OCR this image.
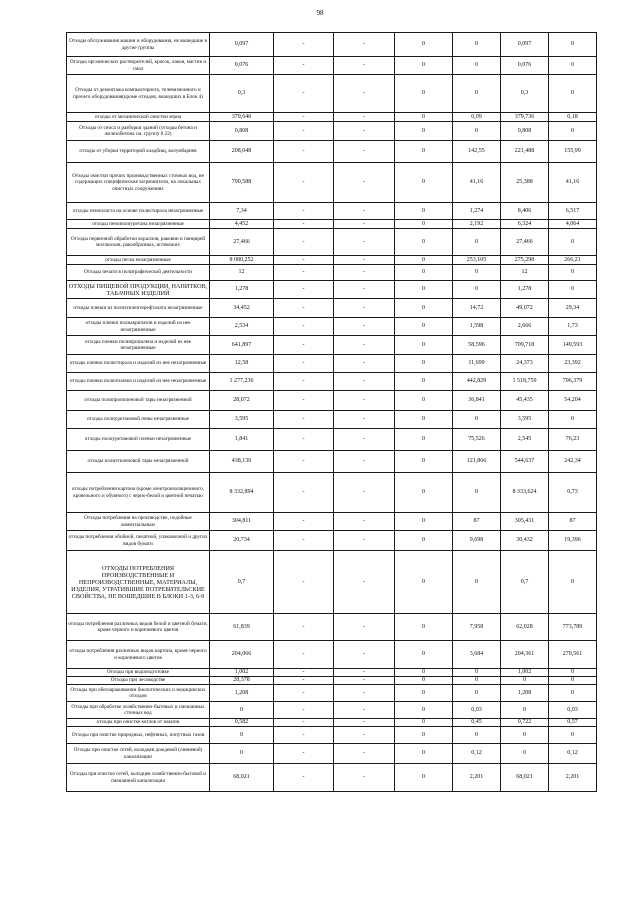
98
Отходы обслуживания машин и оборудования, не вошедшие в другие группы	0,097	-	-	0	0	0,097	0
Отходы органических растворителей, красок, лаков, мастик и смол	0,076	-	-	0	0	0,076	0
Отходы от демонтажа компьютерного, телевизионного и прочего оборудования(кроме отходов, вошедших в Блок 4)	0,3	-	-	0	0	0,3	0
отходы от механической очистки зерна	379,646	-	-	0	0,09	379,736	0,18
Отходы от сноса и разборки зданий (отходы бетона и железобетона см. группу 8 22)	0,808	-	-	0	0	0,808	0
отходы от уборки территорий кладбищ, колумбариев	208,048	-	-	0	142,55	221,488	155,99
Отходы очистки прочих производственных сточных вод, не содержащих специфические загрязнители, на локальных очистных сооружениях	790,588	-	-	0	41,16	25,388	41,16
отходы пенопласта на основе полистирола незагрязненные	7,34	-	-	0	1,274	8,406	6,517
отходы пенополиуретана незагрязненные	4,452	-	-	0	2,192	6,324	4,064
Отходы первичной обработки кораллов, раковин и панцирей моллюсков, ракообразных, иглокожих	27,466	-	-	0	0	27,466	0
отходы песка незагрязненные	8 080,252	-	-	0	253,105	275,298	266,21
Отходы печати в полиграфической деятельности	12	-	-	0	0	12	0
ОТХОДЫ ПИЩЕВОЙ ПРОДУКЦИИ, НАПИТКОВ, ТАБАЧНЫХ ИЗДЕЛИЙ	1,278	-	-	0	0	1,278	0
отходы пленки из полиэтилентерефталата незагрязненные	34,452	-	-	0	14,72	49,072	29,34
отходы пленки полиакрилатов и изделий из нее незагрязненные	2,534	-	-	0	1,598	2,666	1,73
отходы пленки полипропилена и изделий из нее незагрязненные	641,897	-	-	0	58,596	709,718	149,593
отходы пленки полистирола и изделий из нее незагрязненные	12,58	-	-	0	11,699	24,373	23,392
отходы пленки полиэтилена и изделий из нее незагрязненные	1 277,236	-	-	0	442,829	1 518,759	796,379
отходы полипропиленовой тары незагрязненной	28,072	-	-	0	36,841	45,435	54,204
отходы полиуретановой пены незагрязненные	3,595	-	-	0	0	3,595	0
отходы полиуретановой пленки незагрязненные	1,841	-	-	0	75,526	2,545	76,23
отходы полиэтиленовой тары незагрязненной	438,136	-	-	0	121,866	544,637	242,34
отходы потребления картона (кроме электроизоляционного, кровельного и обувного) с черно-белой и цветной печатью	8 332,894	-	-	0	0	8 333,624	0,73
Отходы потребления на производстве, подобные коммунальным	304,811	-	-	0	87	305,431	87
отходы потребления обойной, печатной, упаковочной и других видов бумаги	20,734	-	-	0	9,698	30,432	19,396
ОТХОДЫ ПОТРЕБЛЕНИЯ ПРОИЗВОДСТВЕННЫЕ И НЕПРОИЗВОДСТВЕННЫЕ, МАТЕРИАЛЫ, ИЗДЕЛИЯ, УТРАТИВШИЕ ПОТРЕБИТЕЛЬСКИЕ СВОЙСТВА, НЕ ВОШЕДШИЕ В БЛОКИ 1-3, 6-9	0,7	-	-	0	0	0,7	0
отходы потребления различных видов белой и цветной бумаги, кроме черного и коричневого цветов	61,839	-	-	0	7,958	62,028	773,789
отходы потребления различных видов картона, кроме черного и коричневого цветов	204,066	-	-	0	3,684	204,361	270,561
Отходы при водоподготовке	1,002	-	-	0	0	1,002	0
Отходы при лесоводстве	28,378	-	-	0	0	0	0
Отходы при обеззараживании биологических и медицинских отходов	1,208	-	-	0	0	1,208	0
Отходы при обработке хозяйственно-бытовых и смешанных сточных вод	0	-	-	0	0,03	0	0,03
отходы при очистке котлов от накипи	0,582	-	-	0	0,45	0,722	0,57
Отходы при очистке природных, нефтяных, попутных газов	0	-	-	0	0	0	0
Отходы при очистке сетей, колодцев дождевой (ливневой) канализации	0	-	-	0	0,12	0	0,12
Отходы при очистке сетей, колодцев хозяйственно-бытовой и смешанной канализации	68,021	-	-	0	2,201	68,021	2,201
